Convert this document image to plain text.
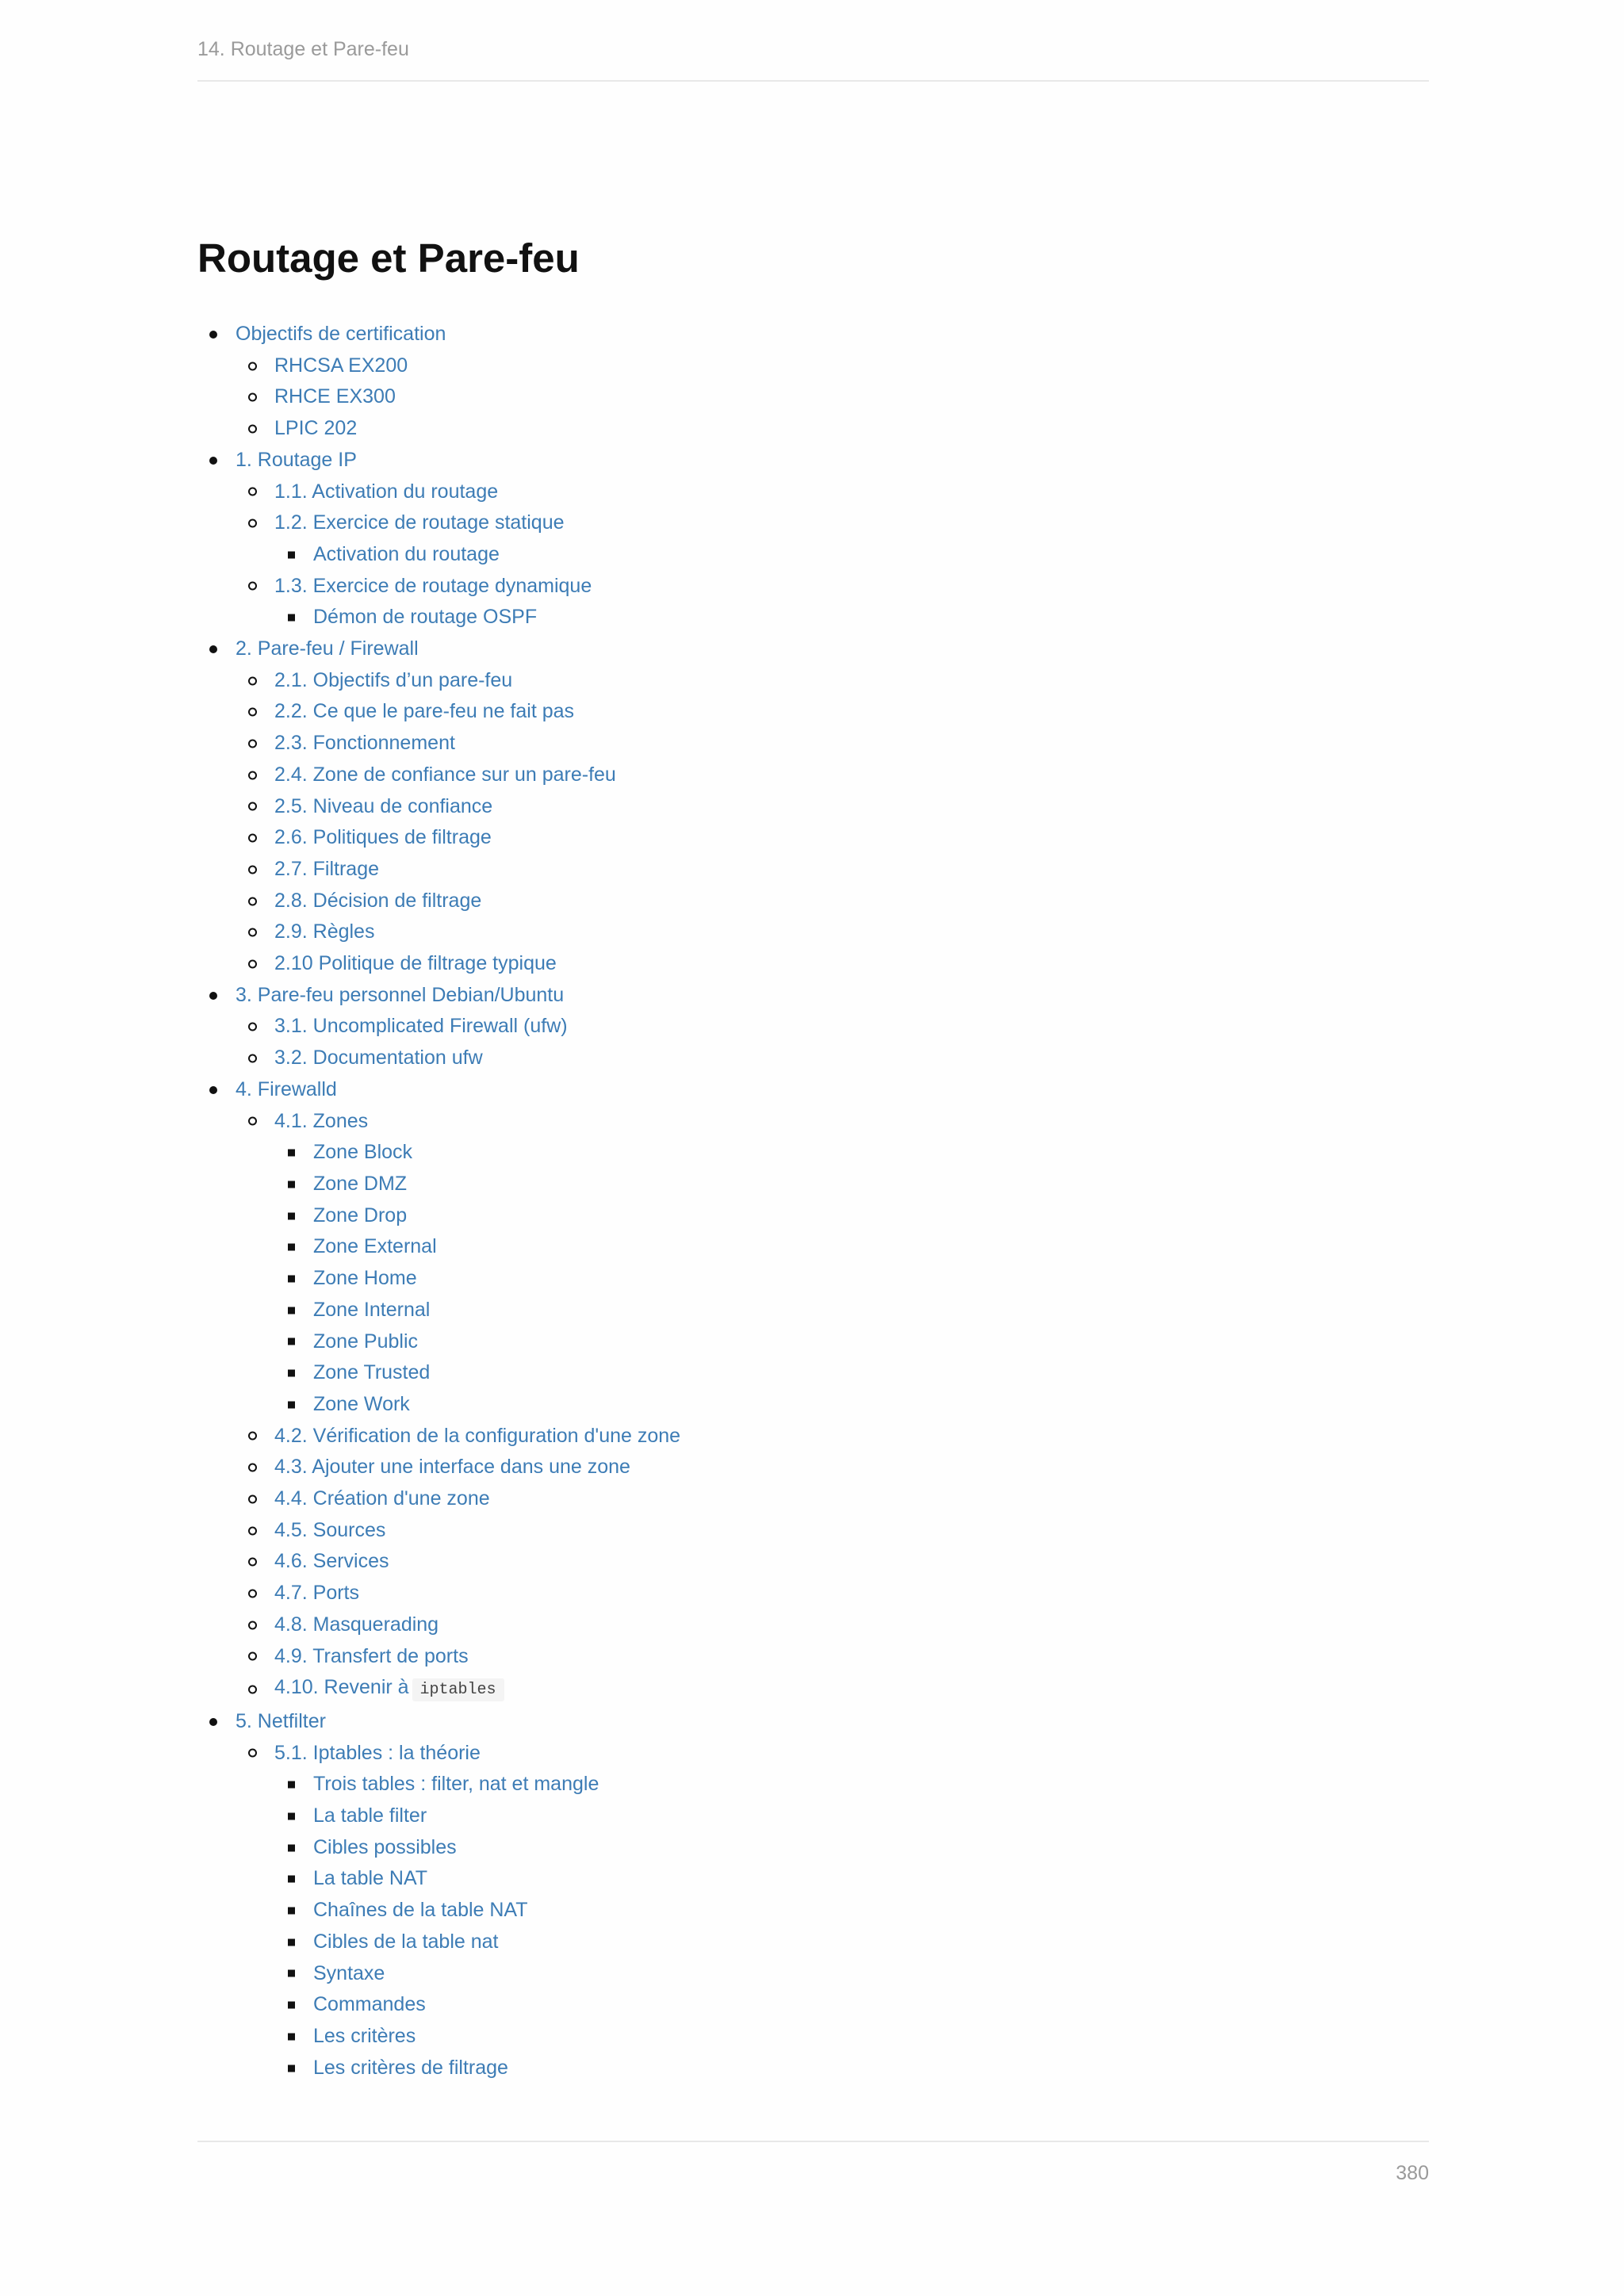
14. Routage et Pare-feu
Routage et Pare-feu
Objectifs de certification
RHCSA EX200
RHCE EX300
LPIC 202
1. Routage IP
1.1. Activation du routage
1.2. Exercice de routage statique
Activation du routage
1.3. Exercice de routage dynamique
Démon de routage OSPF
2. Pare-feu / Firewall
2.1. Objectifs d’un pare-feu
2.2. Ce que le pare-feu ne fait pas
2.3. Fonctionnement
2.4. Zone de confiance sur un pare-feu
2.5. Niveau de confiance
2.6. Politiques de filtrage
2.7. Filtrage
2.8. Décision de filtrage
2.9. Règles
2.10 Politique de filtrage typique
3. Pare-feu personnel Debian/Ubuntu
3.1. Uncomplicated Firewall (ufw)
3.2. Documentation ufw
4. Firewalld
4.1. Zones
Zone Block
Zone DMZ
Zone Drop
Zone External
Zone Home
Zone Internal
Zone Public
Zone Trusted
Zone Work
4.2. Vérification de la configuration d'une zone
4.3. Ajouter une interface dans une zone
4.4. Création d'une zone
4.5. Sources
4.6. Services
4.7. Ports
4.8. Masquerading
4.9. Transfert de ports
4.10. Revenir à iptables
5. Netfilter
5.1. Iptables : la théorie
Trois tables : filter, nat et mangle
La table filter
Cibles possibles
La table NAT
Chaînes de la table NAT
Cibles de la table nat
Syntaxe
Commandes
Les critères
Les critères de filtrage
380
